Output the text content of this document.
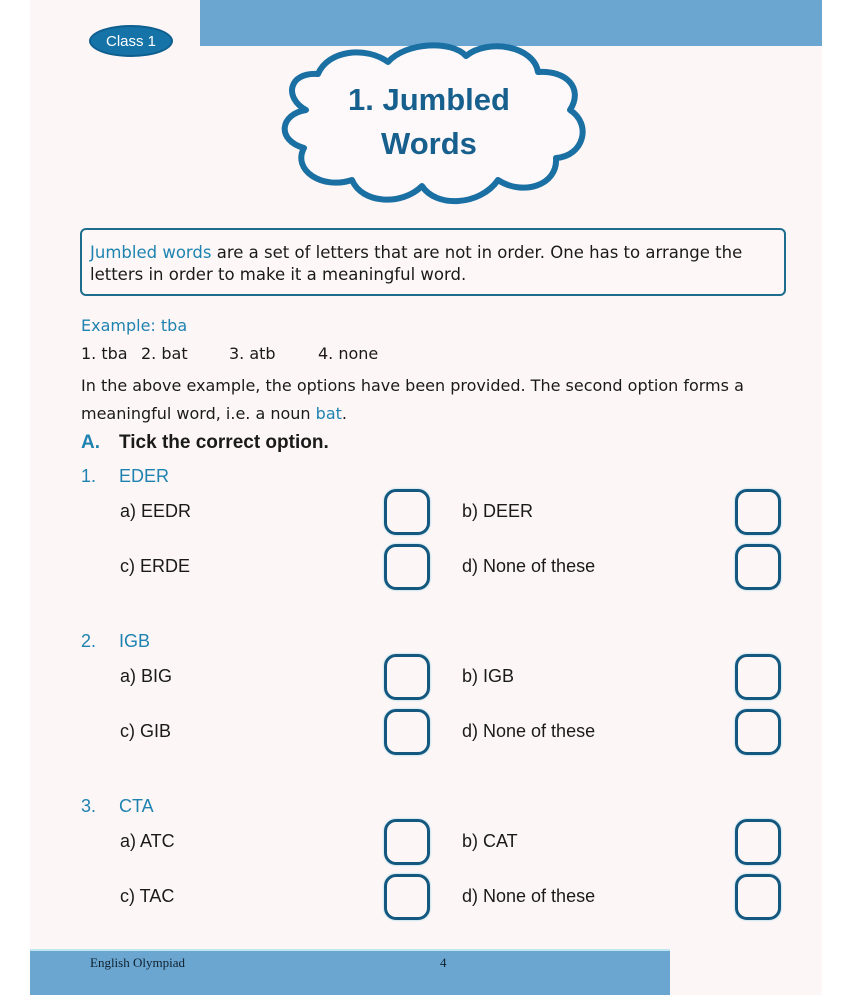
Class 1
1. Jumbled
Words
Jumbled words are a set of letters that are not in order. One has to arrange the letters in order to make it a meaningful word.
Example: tba
1. tba 2. bat	3. atb	4. none
In the above example, the options have been provided. The second option forms a meaningful word, i.e. a noun bat.
A. Tick the correct option.
1. EDER
a) EEDR	b) DEER
c) ERDE	d) None of these
2. IGB
a) BIG	b) IGB
c) GIB	d) None of these
3. CTA
a) ATC	b) CAT
c) TAC	d) None of these
English Olympiad	4
